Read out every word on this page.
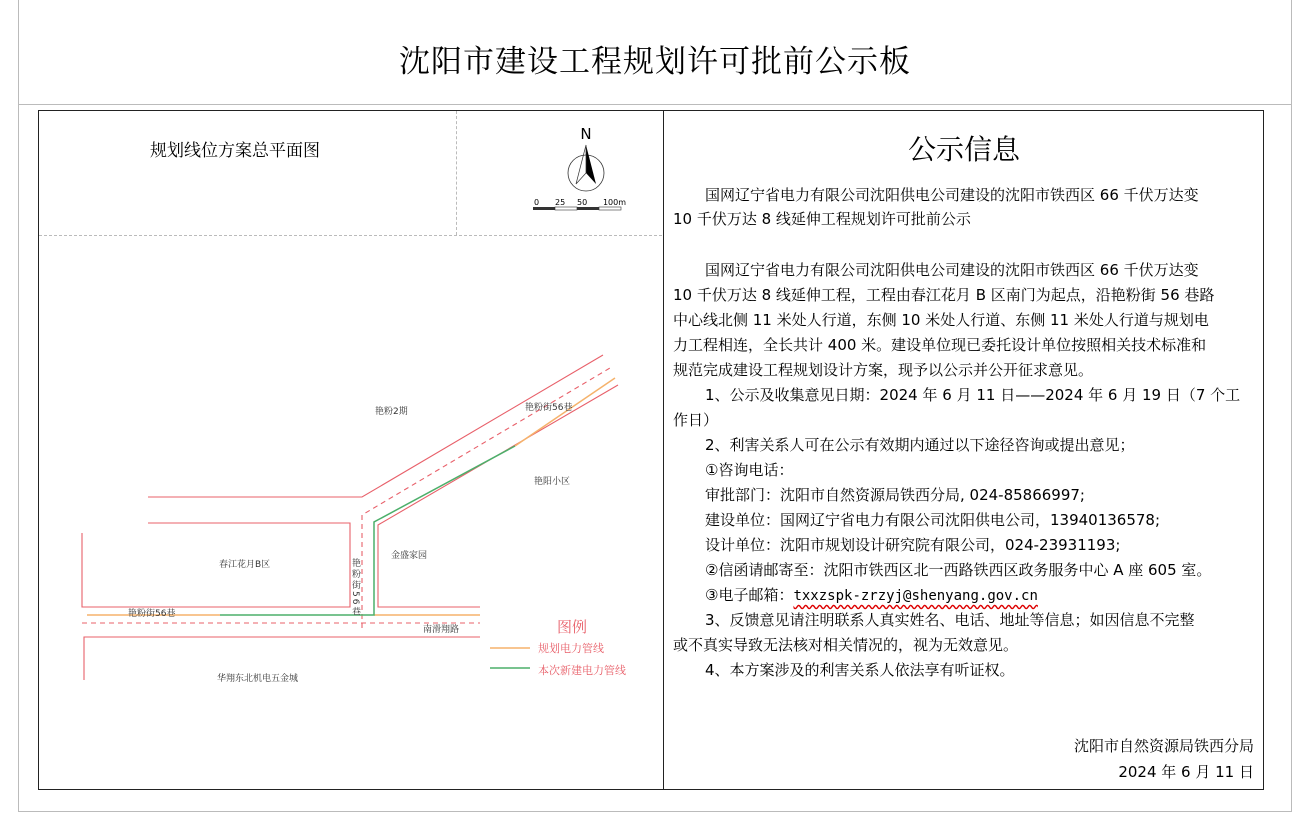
沈阳市建设工程规划许可批前公示板
规划线位方案总平面图
N
0 25 50 100m
艳粉2期	艳粉街56巷
艳阳小区
春江花月B区
金盛家园
艳粉街56巷
南滑翔路
华翔东北机电五金城
艳粉街56巷
图例
规划电力管线
本次新建电力管线
公示信息
国网辽宁省电力有限公司沈阳供电公司建设的沈阳市铁西区 66 千伏万达变
10 千伏万达 8 线延伸工程规划许可批前公示
国网辽宁省电力有限公司沈阳供电公司建设的沈阳市铁西区 66 千伏万达变
10 千伏万达 8 线延伸工程，工程由春江花月 B 区南门为起点，沿艳粉街 56 巷路
中心线北侧 11 米处人行道，东侧 10 米处人行道、东侧 11 米处人行道与规划电
力工程相连，全长共计 400 米。建设单位现已委托设计单位按照相关技术标准和
规范完成建设工程规划设计方案，现予以公示并公开征求意见。
1、公示及收集意见日期：2024 年 6 月 11 日——2024 年 6 月 19 日（7 个工
作日）
2、利害关系人可在公示有效期内通过以下途径咨询或提出意见；
①咨询电话：
审批部门：沈阳市自然资源局铁西分局, 024-85866997;
建设单位：国网辽宁省电力有限公司沈阳供电公司，13940136578;
设计单位：沈阳市规划设计研究院有限公司，024-23931193;
②信函请邮寄至：沈阳市铁西区北一西路铁西区政务服务中心 A 座 605 室。
③电子邮箱：txxzspk-zrzyj@shenyang.gov.cn
3、反馈意见请注明联系人真实姓名、电话、地址等信息；如因信息不完整
或不真实导致无法核对相关情况的，视为无效意见。
4、本方案涉及的利害关系人依法享有听证权。
沈阳市自然资源局铁西分局
2024 年 6 月 11 日
